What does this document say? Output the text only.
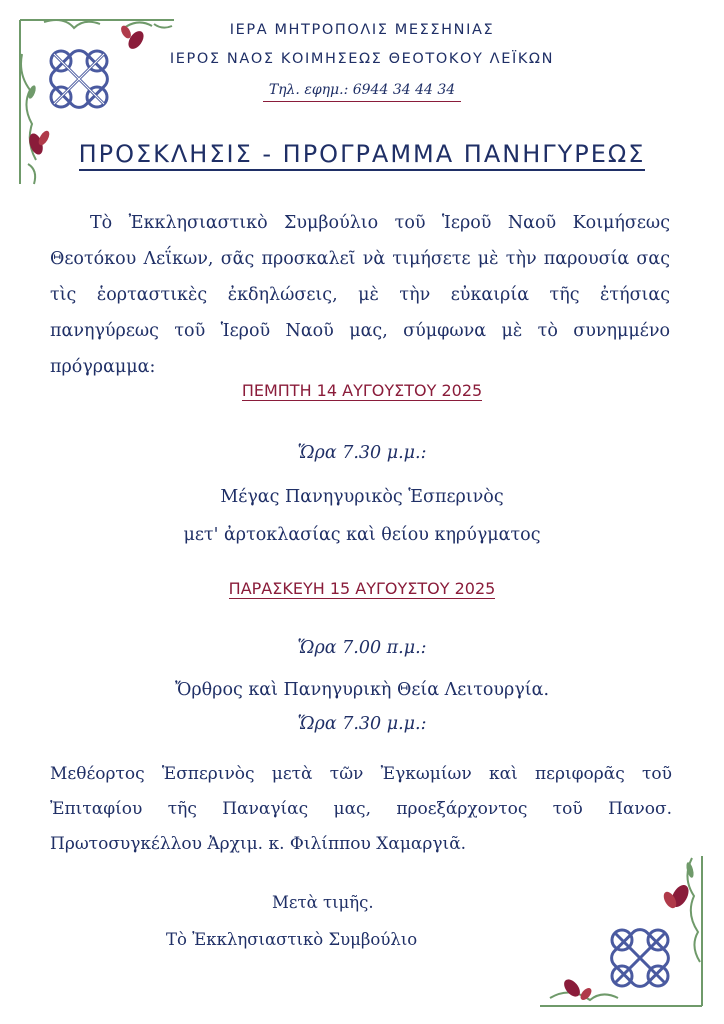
ΙΕΡΑ ΜΗΤΡΟΠΟΛΙΣ ΜΕΣΣΗΝΙΑΣ
ΙΕΡΟΣ ΝΑΟΣ ΚΟΙΜΗΣΕΩΣ ΘΕΟΤΟΚΟΥ ΛΕΪΚΩΝ
Τηλ. εφημ.: 6944 34 44 34
ΠΡΟΣΚΛΗΣΙΣ - ΠΡΟΓΡΑΜΜΑ ΠΑΝΗΓΥΡΕΩΣ
Τὸ Ἐκκλησιαστικὸ Συμβούλιο τοῦ Ἱεροῦ Ναοῦ Κοιμήσεως Θεοτόκου Λεΐκων, σᾶς προσκαλεῖ νὰ τιμήσετε μὲ τὴν παρουσία σας τὶς ἑορταστικὲς ἐκδηλώσεις, μὲ τὴν εὐκαιρία τῆς ἐτήσιας πανηγύρεως τοῦ Ἱεροῦ Ναοῦ μας, σύμφωνα μὲ τὸ συνημμένο πρόγραμμα:
ΠΕΜΠΤΗ 14 ΑΥΓΟΥΣΤΟΥ 2025
Ὥρα 7.30 μ.μ.:
Μέγας Πανηγυρικὸς Ἑσπερινὸς
μετ' ἀρτοκλασίας καὶ θείου κηρύγματος
ΠΑΡΑΣΚΕΥΗ 15 ΑΥΓΟΥΣΤΟΥ 2025
Ὥρα 7.00 π.μ.:
Ὄρθρος καὶ Πανηγυρικὴ Θεία Λειτουργία.
Ὥρα 7.30 μ.μ.:
Μεθέορτος Ἑσπερινὸς μετὰ τῶν Ἐγκωμίων καὶ περιφορᾶς τοῦ Ἐπιταφίου τῆς Παναγίας μας, προεξάρχοντος τοῦ Πανοσ. Πρωτοσυγκέλλου Ἀρχιμ. κ. Φιλίππου Χαμαργιᾶ.
Μετὰ τιμῆς.
Τὸ Ἐκκλησιαστικὸ Συμβούλιο
